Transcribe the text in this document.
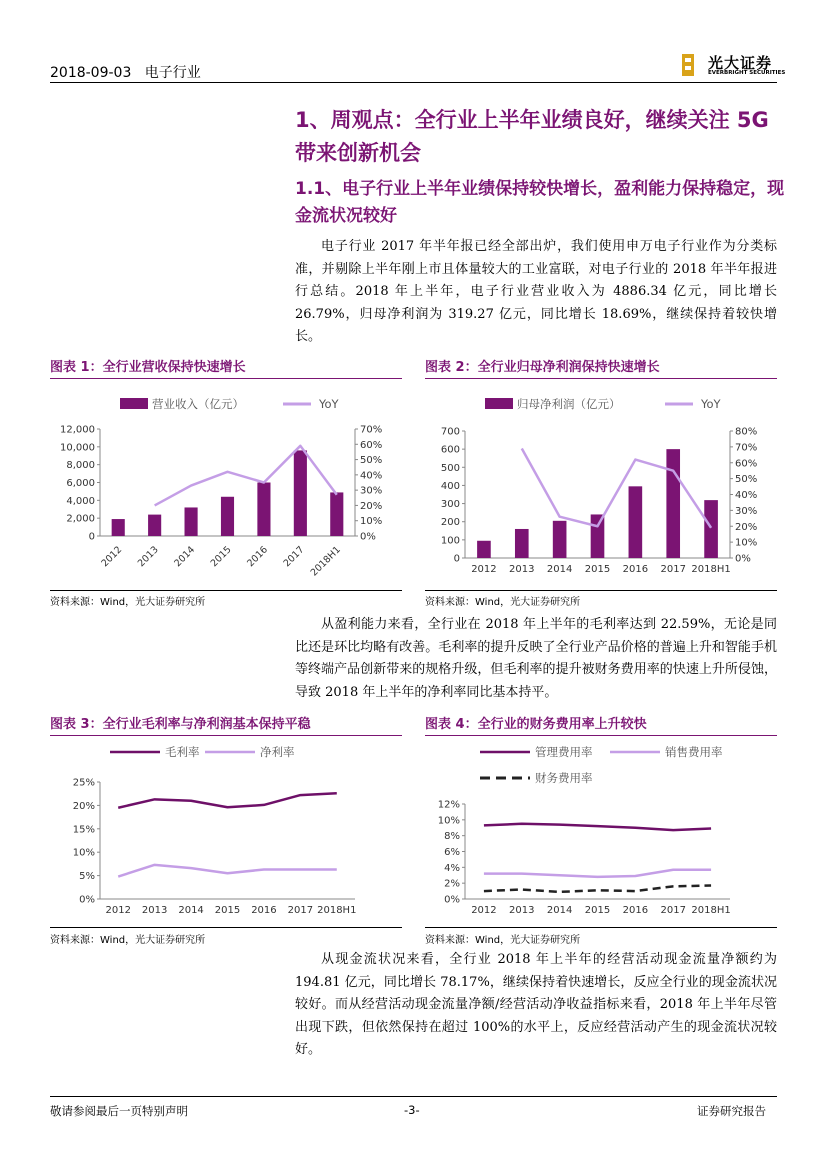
2018-09-03 电子行业
光大证券
EVERBRIGHT SECURITIES
1、周观点：全行业上半年业绩良好，继续关注 5G 带来创新机会
1.1、电子行业上半年业绩保持较快增长，盈利能力保持稳定，现金流状况较好

电子行业 2017 年半年报已经全部出炉，我们使用申万电子行业作为分类标准，并剔除上半年刚上市且体量较大的工业富联，对电子行业的 2018 年半年报进行总结。2018 年上半年，电子行业营业收入为 4886.34 亿元，同比增长 26.79%，归母净利润为 319.27 亿元，同比增长 18.69%，继续保持着较快增长。

图表 1：全行业营收保持快速增长
0
2,000
4,000
6,000
8,000
10,000
12,000
0%
10%
20%
30%
40%
50%
60%
70%
2012 2013 2014 2015 2016 2017 2018H1
营业收入（亿元）	YoY
资料来源：Wind，光大证券研究所
图表 2：全行业归母净利润保持快速增长
0
100
200
300
400
500
600
700
0%
10%
20%
30%
40%
50%
60%
70%
80%
2012 2013 2014 2015 2016 2017 2018H1
归母净利润（亿元）	YoY
资料来源：Wind，光大证券研究所

从盈利能力来看，全行业在 2018 年上半年的毛利率达到 22.59%，无论是同比还是环比均略有改善。毛利率的提升反映了全行业产品价格的普遍上升和智能手机等终端产品创新带来的规格升级，但毛利率的提升被财务费用率的快速上升所侵蚀，导致 2018 年上半年的净利率同比基本持平。

图表 3：全行业毛利率与净利润基本保持平稳
0%
5%
10%
15%
20%
25%
2012 2013 2014 2015 2016 2017 2018H1
毛利率	净利率
资料来源：Wind，光大证券研究所
图表 4：全行业的财务费用率上升较快
0%
2%
4%
6%
8%
10%
12%
2012 2013 2014 2015 2016 2017 2018H1
管理费用率	销售费用率
财务费用率
资料来源：Wind，光大证券研究所

从现金流状况来看，全行业 2018 年上半年的经营活动现金流量净额约为 194.81 亿元，同比增长 78.17%，继续保持着快速增长，反应全行业的现金流状况较好。而从经营活动现金流量净额/经营活动净收益指标来看，2018 年上半年尽管出现下跌，但依然保持在超过 100%的水平上，反应经营活动产生的现金流状况较好。

敬请参阅最后一页特别声明	-3-	证券研究报告
